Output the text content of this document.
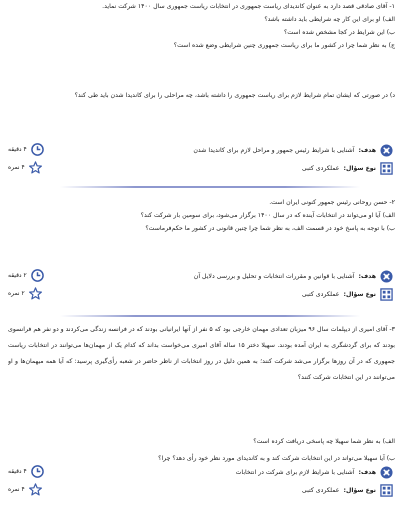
۱- آقای صادقی قصد دارد به عنوان کاندیدای ریاست جمهوری در انتخابات ریاست جمهوری سال ۱۴۰۰ شرکت نماید.

الف) او برای این کار چه شرایطی باید داشته باشد؟

ب) این شرایط در کجا مشخص شده است؟

ج) به نظر شما چرا در کشور ما برای ریاست جمهوری چنین شرایطی وضع شده است؟

د) در صورتی که ایشان تمام شرایط لازم برای ریاست جمهوری را داشته باشد، چه مراحلی را برای کاندیدا شدن باید طی کند؟

هدف:
آشنایی با شرایط رئیس جمهور و مراحل لازم برای کاندیدا شدن
نوع سؤال:
عملکردی کتبی
۴ دقیقه
۴ نمره

۲- حسن روحانی رئیس جمهور کنونی ایران است.

الف) آیا او می‌تواند در انتخابات آینده که در سال ۱۴۰۰ برگزار می‌شود، برای سومین بار شرکت کند؟

ب) با توجه به پاسخ خود در قسمت الف، به نظر شما چرا چنین قانونی در کشور ما حکم‌فرماست؟

هدف:
آشنایی با قوانین و مقررات انتخابات و تحلیل و بررسی دلایل آن
نوع سؤال:
عملکردی کتبی
۲ دقیقه
۲ نمره

۳- آقای امیری از دیپلمات سال ۹۶ میزبان تعدادی مهمان خارجی بود که ۵ نفر از آنها ایرانیانی بودند که در فرانسه زندگی می‌کردند و دو نفر هم فرانسوی بودند که برای گردشگری به ایران آمده بودند. سهیلا دختر ۱۵ ساله آقای امیری می‌خواست بداند که کدام یک از مهمان‌ها می‌توانند در انتخابات ریاست جمهوری که در آن روزها برگزار می‌شد شرکت کنند؛ به همین دلیل در روز انتخابات از ناظر حاضر در شعبه رأی‌گیری پرسید: که آیا همه میهمان‌ها و او می‌توانند در این انتخابات شرکت کنند؟

الف) به نظر شما سهیلا چه پاسخی دریافت کرده است؟

ب) آیا سهیلا می‌تواند در این انتخابات شرکت کند و به کاندیدای مورد نظر خود رأی دهد؟ چرا؟

هدف:
آشنایی با شرایط لازم برای شرکت در انتخابات
نوع سؤال:
عملکردی کتبی
۴ دقیقه
۴ نمره
